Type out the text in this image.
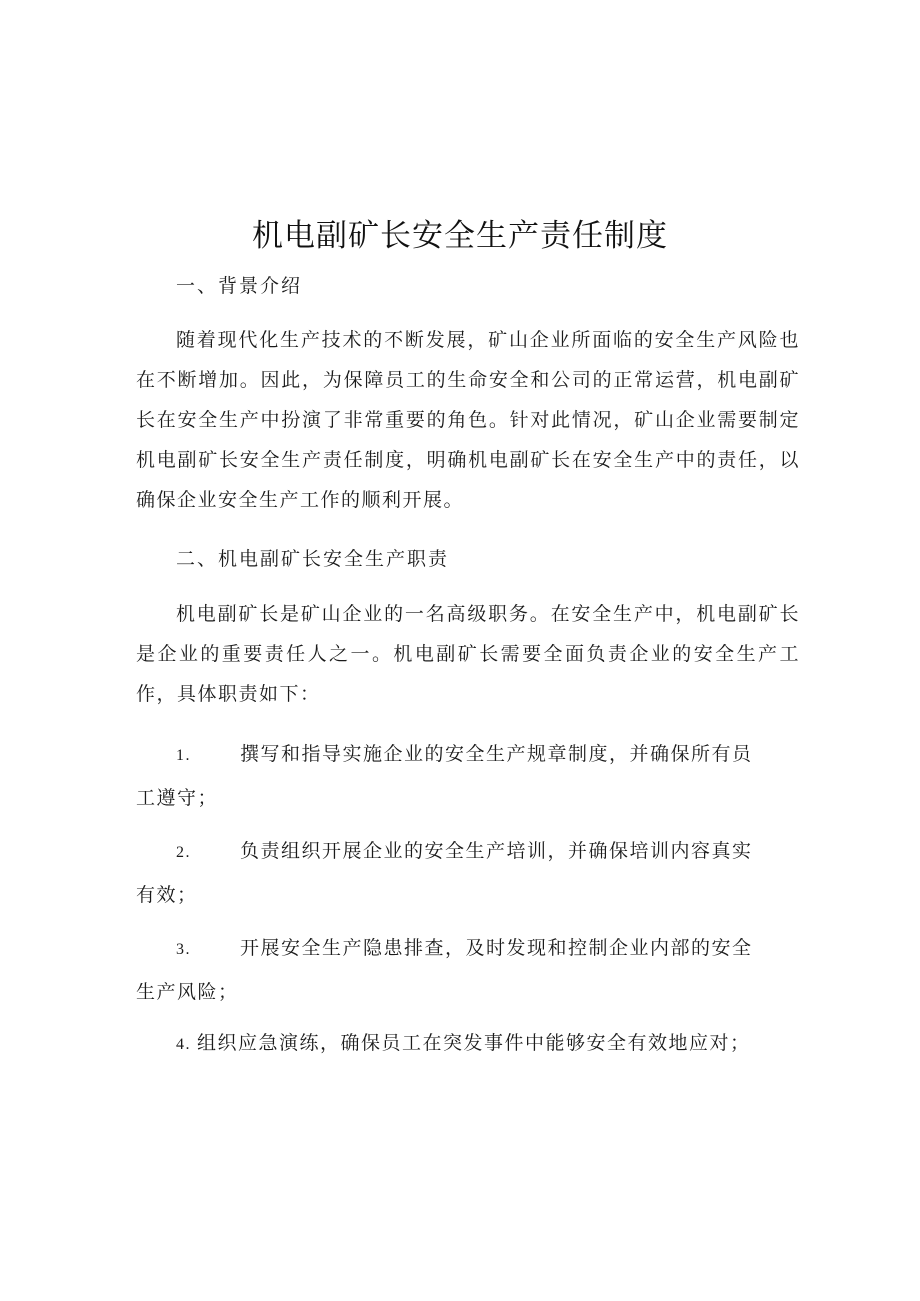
机电副矿长安全生产责任制度
一、背景介绍

随着现代化生产技术的不断发展，矿山企业所面临的安全生产风险也在不断增加。因此，为保障员工的生命安全和公司的正常运营，机电副矿长在安全生产中扮演了非常重要的角色。针对此情况，矿山企业需要制定机电副矿长安全生产责任制度，明确机电副矿长在安全生产中的责任，以确保企业安全生产工作的顺利开展。

二、机电副矿长安全生产职责

机电副矿长是矿山企业的一名高级职务。在安全生产中，机电副矿长是企业的重要责任人之一。机电副矿长需要全面负责企业的安全生产工作，具体职责如下：

1.	撰写和指导实施企业的安全生产规章制度，并确保所有员
工遵守；
2.	负责组织开展企业的安全生产培训，并确保培训内容真实
有效；
3.	开展安全生产隐患排查，及时发现和控制企业内部的安全
生产风险；
4. 组织应急演练，确保员工在突发事件中能够安全有效地应对；
